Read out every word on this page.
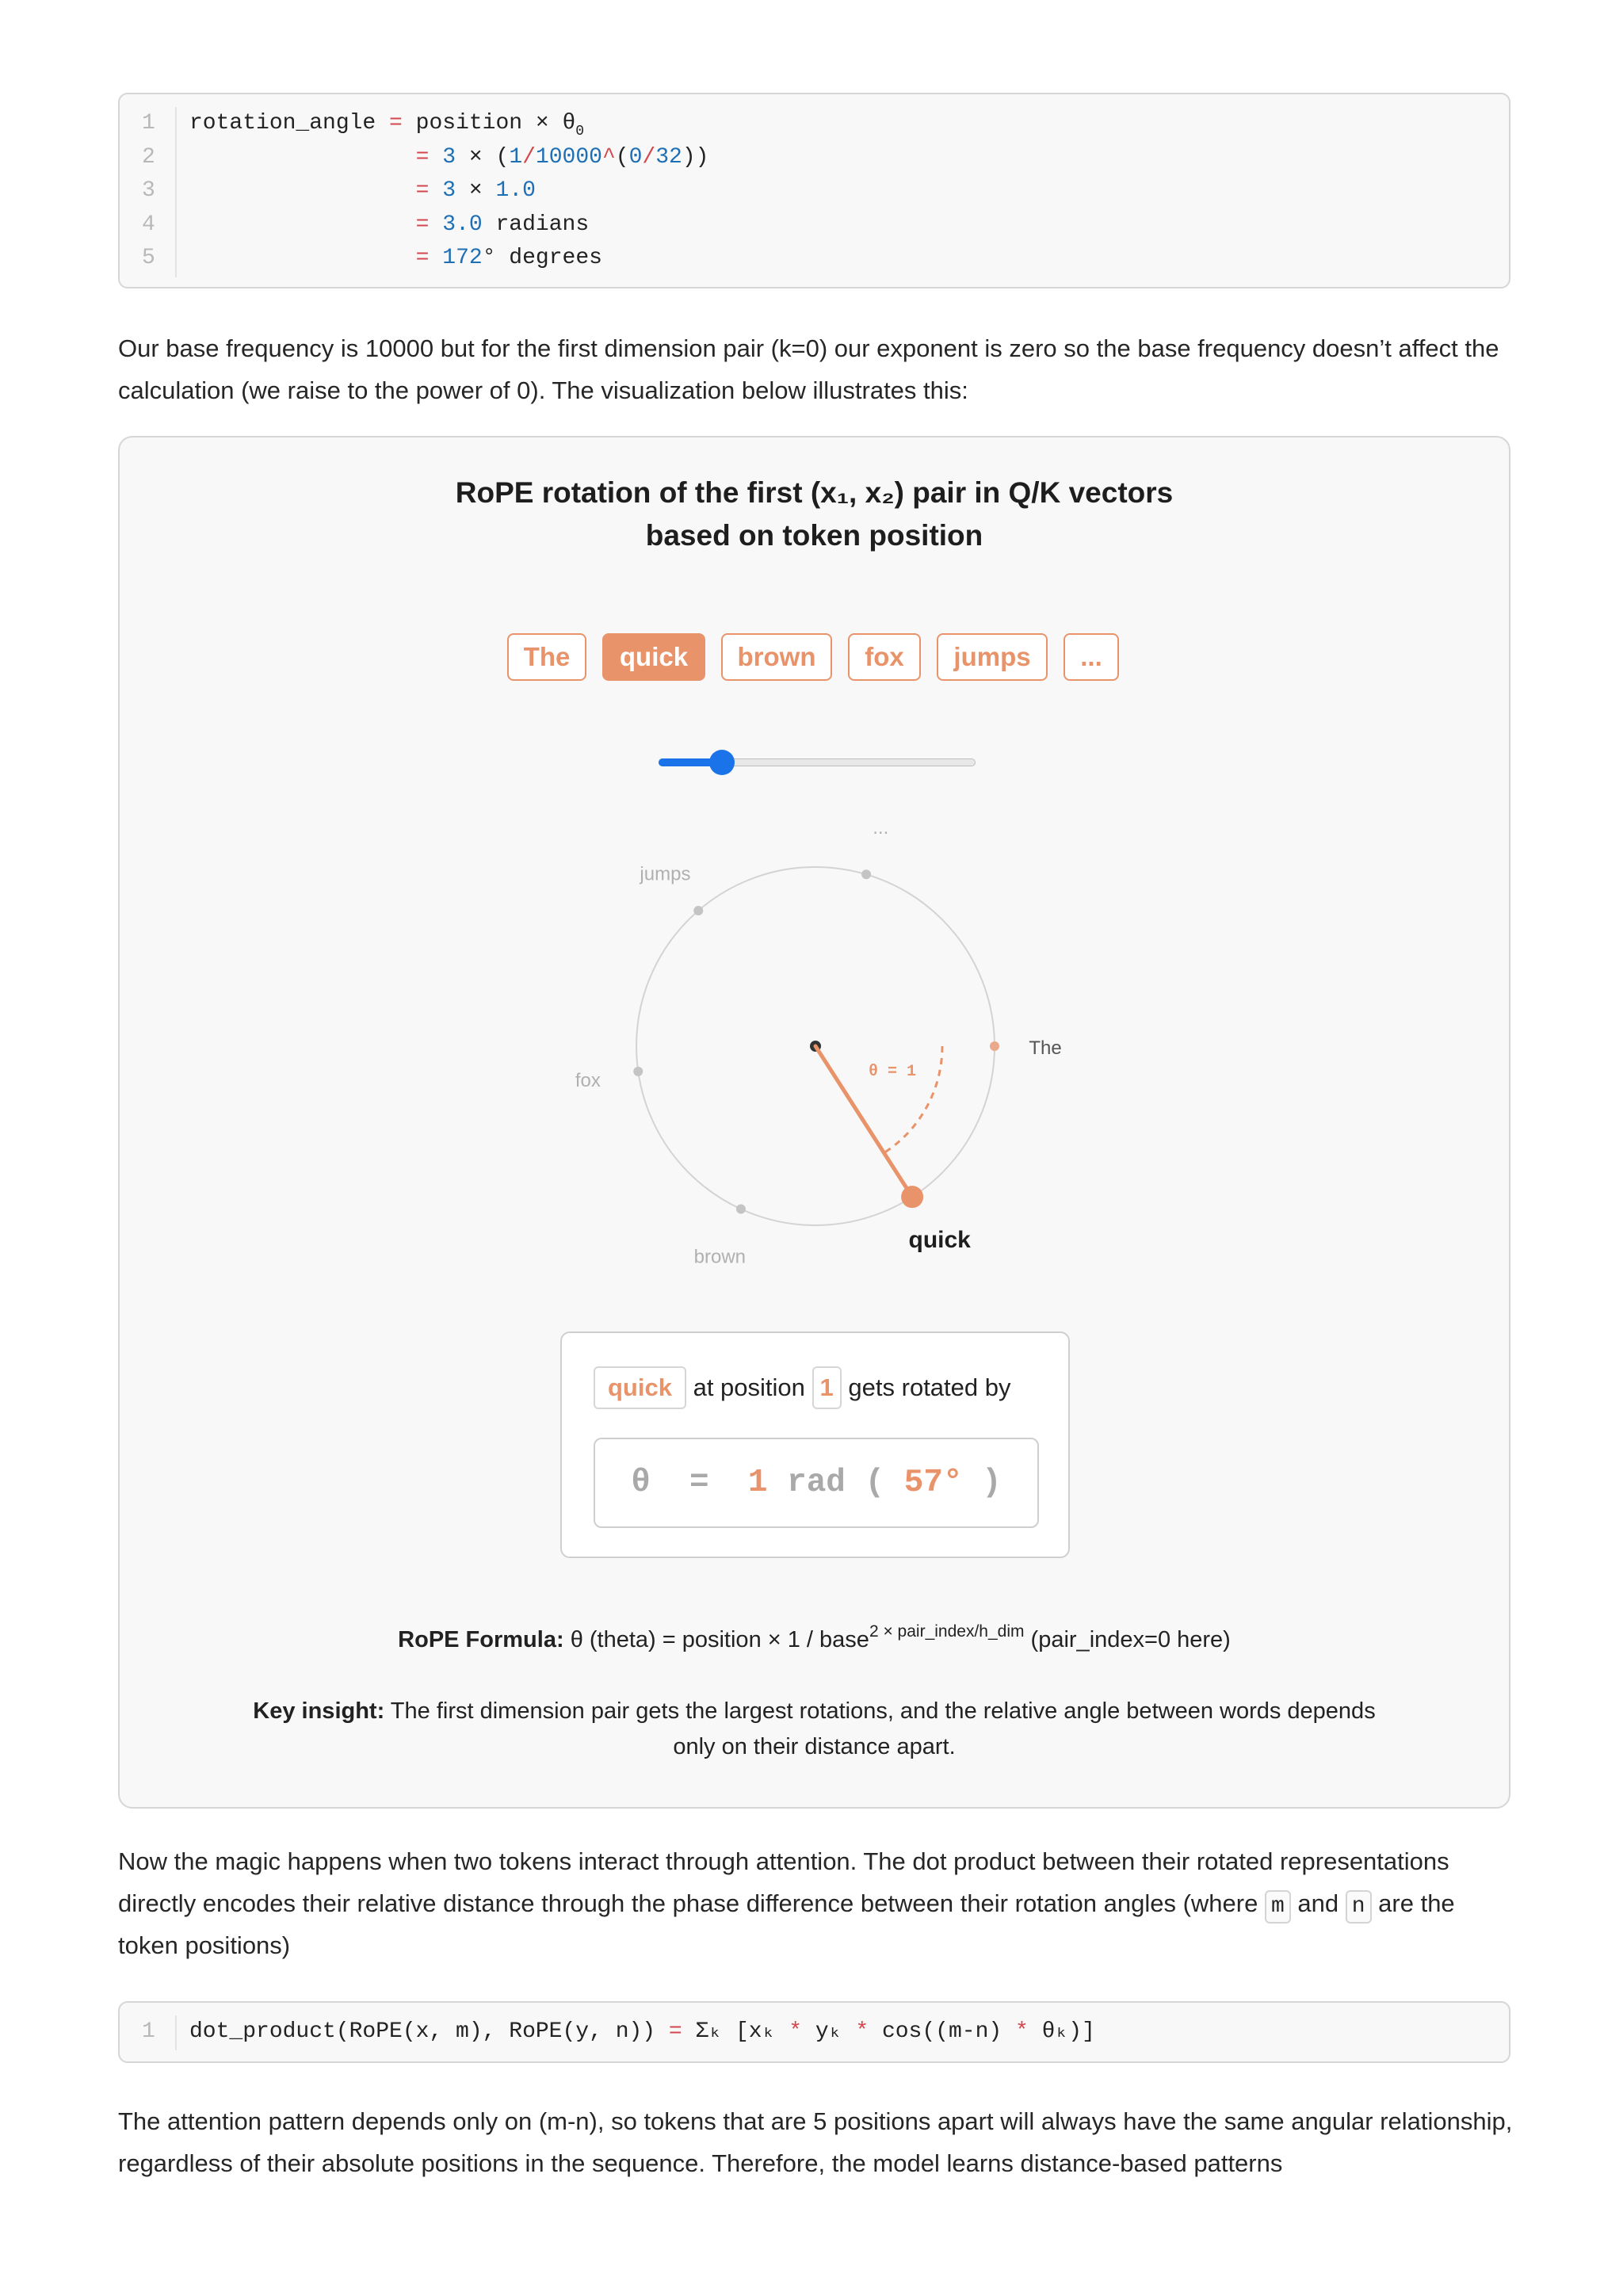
1 rotation_angle = position × $\theta_0$
2	= 3 × (1/10000^(0/32))
3	= 3 × 1.0
4	= 3.0 radians
5	= 172° degrees
Our base frequency is 10000 but for the first dimension pair (k=0) our exponent is zero so the base frequency doesn’t affect the calculation (we raise to the power of 0). The visualization below illustrates this:
RoPE rotation of the first (x₁, x₂) pair in Q/K vectors
based on token position
The	quick	brown	fox	jumps	...
The
quick
brown
fox
jumps
...
θ = 1
quick at position 1 gets rotated by
θ = 1 rad ( 57° )
RoPE Formula: θ (theta) = position × 1 / base$^{2 \times pair\_index/h\_dim}$ (pair_index=0 here)
Key insight: The first dimension pair gets the largest rotations, and the relative angle between words depends
only on their distance apart.
Now the magic happens when two tokens interact through attention. The dot product between their rotated representations directly encodes their relative distance through the phase difference between their rotation angles (where m and n are the token positions)
1 dot_product(RoPE(x, m), RoPE(y, n)) = Σₖ [xₖ * yₖ * cos((m-n) * θₖ)]
The attention pattern depends only on (m-n), so tokens that are 5 positions apart will always have the same angular relationship, regardless of their absolute positions in the sequence. Therefore, the model learns distance-based patterns
